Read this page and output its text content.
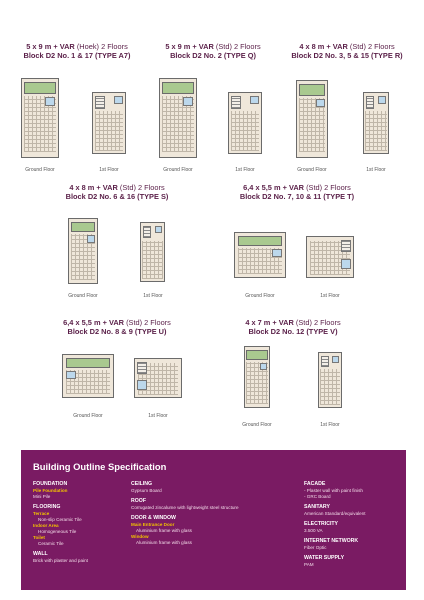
5 x 9 m + VAR (Hoek) 2 Floors
Block D2 No. 1 & 17 (TYPE A7)
5 x 9 m + VAR (Std) 2 Floors
Block D2 No. 2 (TYPE Q)
4 x 8 m + VAR (Std) 2 Floors
Block D2 No. 3, 5 & 15 (TYPE R)
4 x 8 m + VAR (Std) 2 Floors
Block D2 No. 6 & 16 (TYPE S)
6,4 x 5,5 m + VAR (Std) 2 Floors
Block D2 No. 7, 10 & 11 (TYPE T)
6,4 x 5,5 m + VAR (Std) 2 Floors
Block D2 No. 8 & 9 (TYPE U)
4 x 7 m + VAR (Std) 2 Floors
Block D2 No. 12 (TYPE V)
Ground Floor	1st Floor	Ground Floor	1st Floor	Ground Floor	1st Floor
Ground Floor	1st Floor	Ground Floor	1st Floor
Ground Floor	1st Floor
Ground Floor	1st Floor
Building Outline Specification
FOUNDATION
Pile Foundation
Mini Pile
FLOORING
Terrace
Non-slip Ceramic Tile
Indoor Area
Homogeneous Tile
Toilet
Ceramic Tile
WALL
Brick with plaster and paint
CEILING
Gypsum Board
ROOF
Corrugated zincalume with lightweight steel structure
DOOR & WINDOW
Main Entrance Door
Aluminium frame with glass
Window
Aluminium frame with glass
FACADE
- Plaster wall with paint finish
- GRC Board
SANITARY
American Standard/equivalent
ELECTRICITY
3.500 VA
INTERNET NETWORK
Fiber Optic
WATER SUPPLY
PAM
